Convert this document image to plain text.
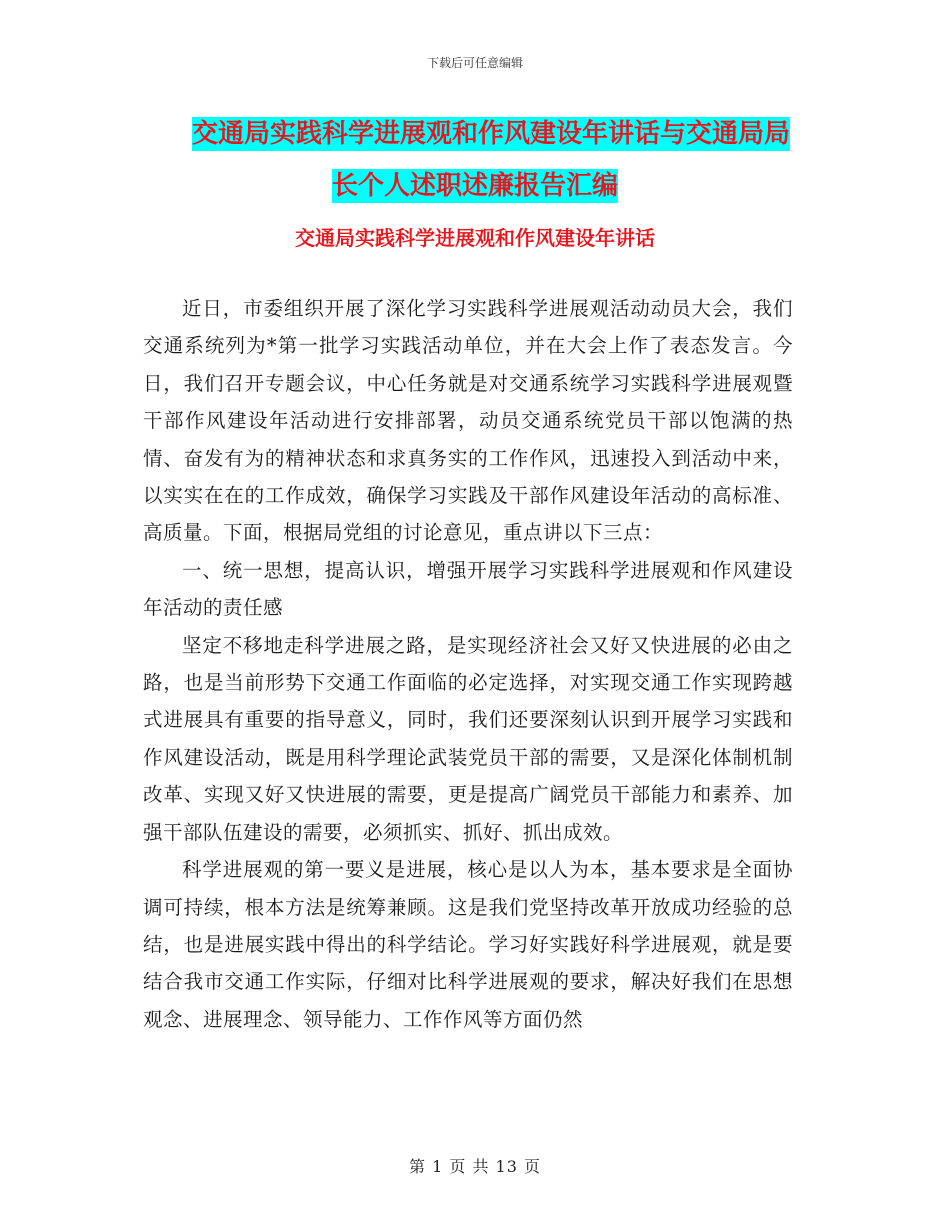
下载后可任意编辑
交通局实践科学进展观和作风建设年讲话与交通局局
长个人述职述廉报告汇编
交通局实践科学进展观和作风建设年讲话

近日，市委组织开展了深化学习实践科学进展观活动动员大会，我们交通系统列为*第一批学习实践活动单位，并在大会上作了表态发言。今日，我们召开专题会议，中心任务就是对交通系统学习实践科学进展观暨干部作风建设年活动进行安排部署，动员交通系统党员干部以饱满的热情、奋发有为的精神状态和求真务实的工作作风，迅速投入到活动中来，以实实在在的工作成效，确保学习实践及干部作风建设年活动的高标准、高质量。下面，根据局党组的讨论意见，重点讲以下三点：

一、统一思想，提高认识，增强开展学习实践科学进展观和作风建设年活动的责任感

坚定不移地走科学进展之路，是实现经济社会又好又快进展的必由之路，也是当前形势下交通工作面临的必定选择，对实现交通工作实现跨越式进展具有重要的指导意义，同时，我们还要深刻认识到开展学习实践和作风建设活动，既是用科学理论武装党员干部的需要，又是深化体制机制改革、实现又好又快进展的需要，更是提高广阔党员干部能力和素养、加强干部队伍建设的需要，必须抓实、抓好、抓出成效。

科学进展观的第一要义是进展，核心是以人为本，基本要求是全面协调可持续，根本方法是统筹兼顾。这是我们党坚持改革开放成功经验的总结，也是进展实践中得出的科学结论。学习好实践好科学进展观，就是要结合我市交通工作实际，仔细对比科学进展观的要求，解决好我们在思想观念、进展理念、领导能力、工作作风等方面仍然

第 1 页 共 13 页
